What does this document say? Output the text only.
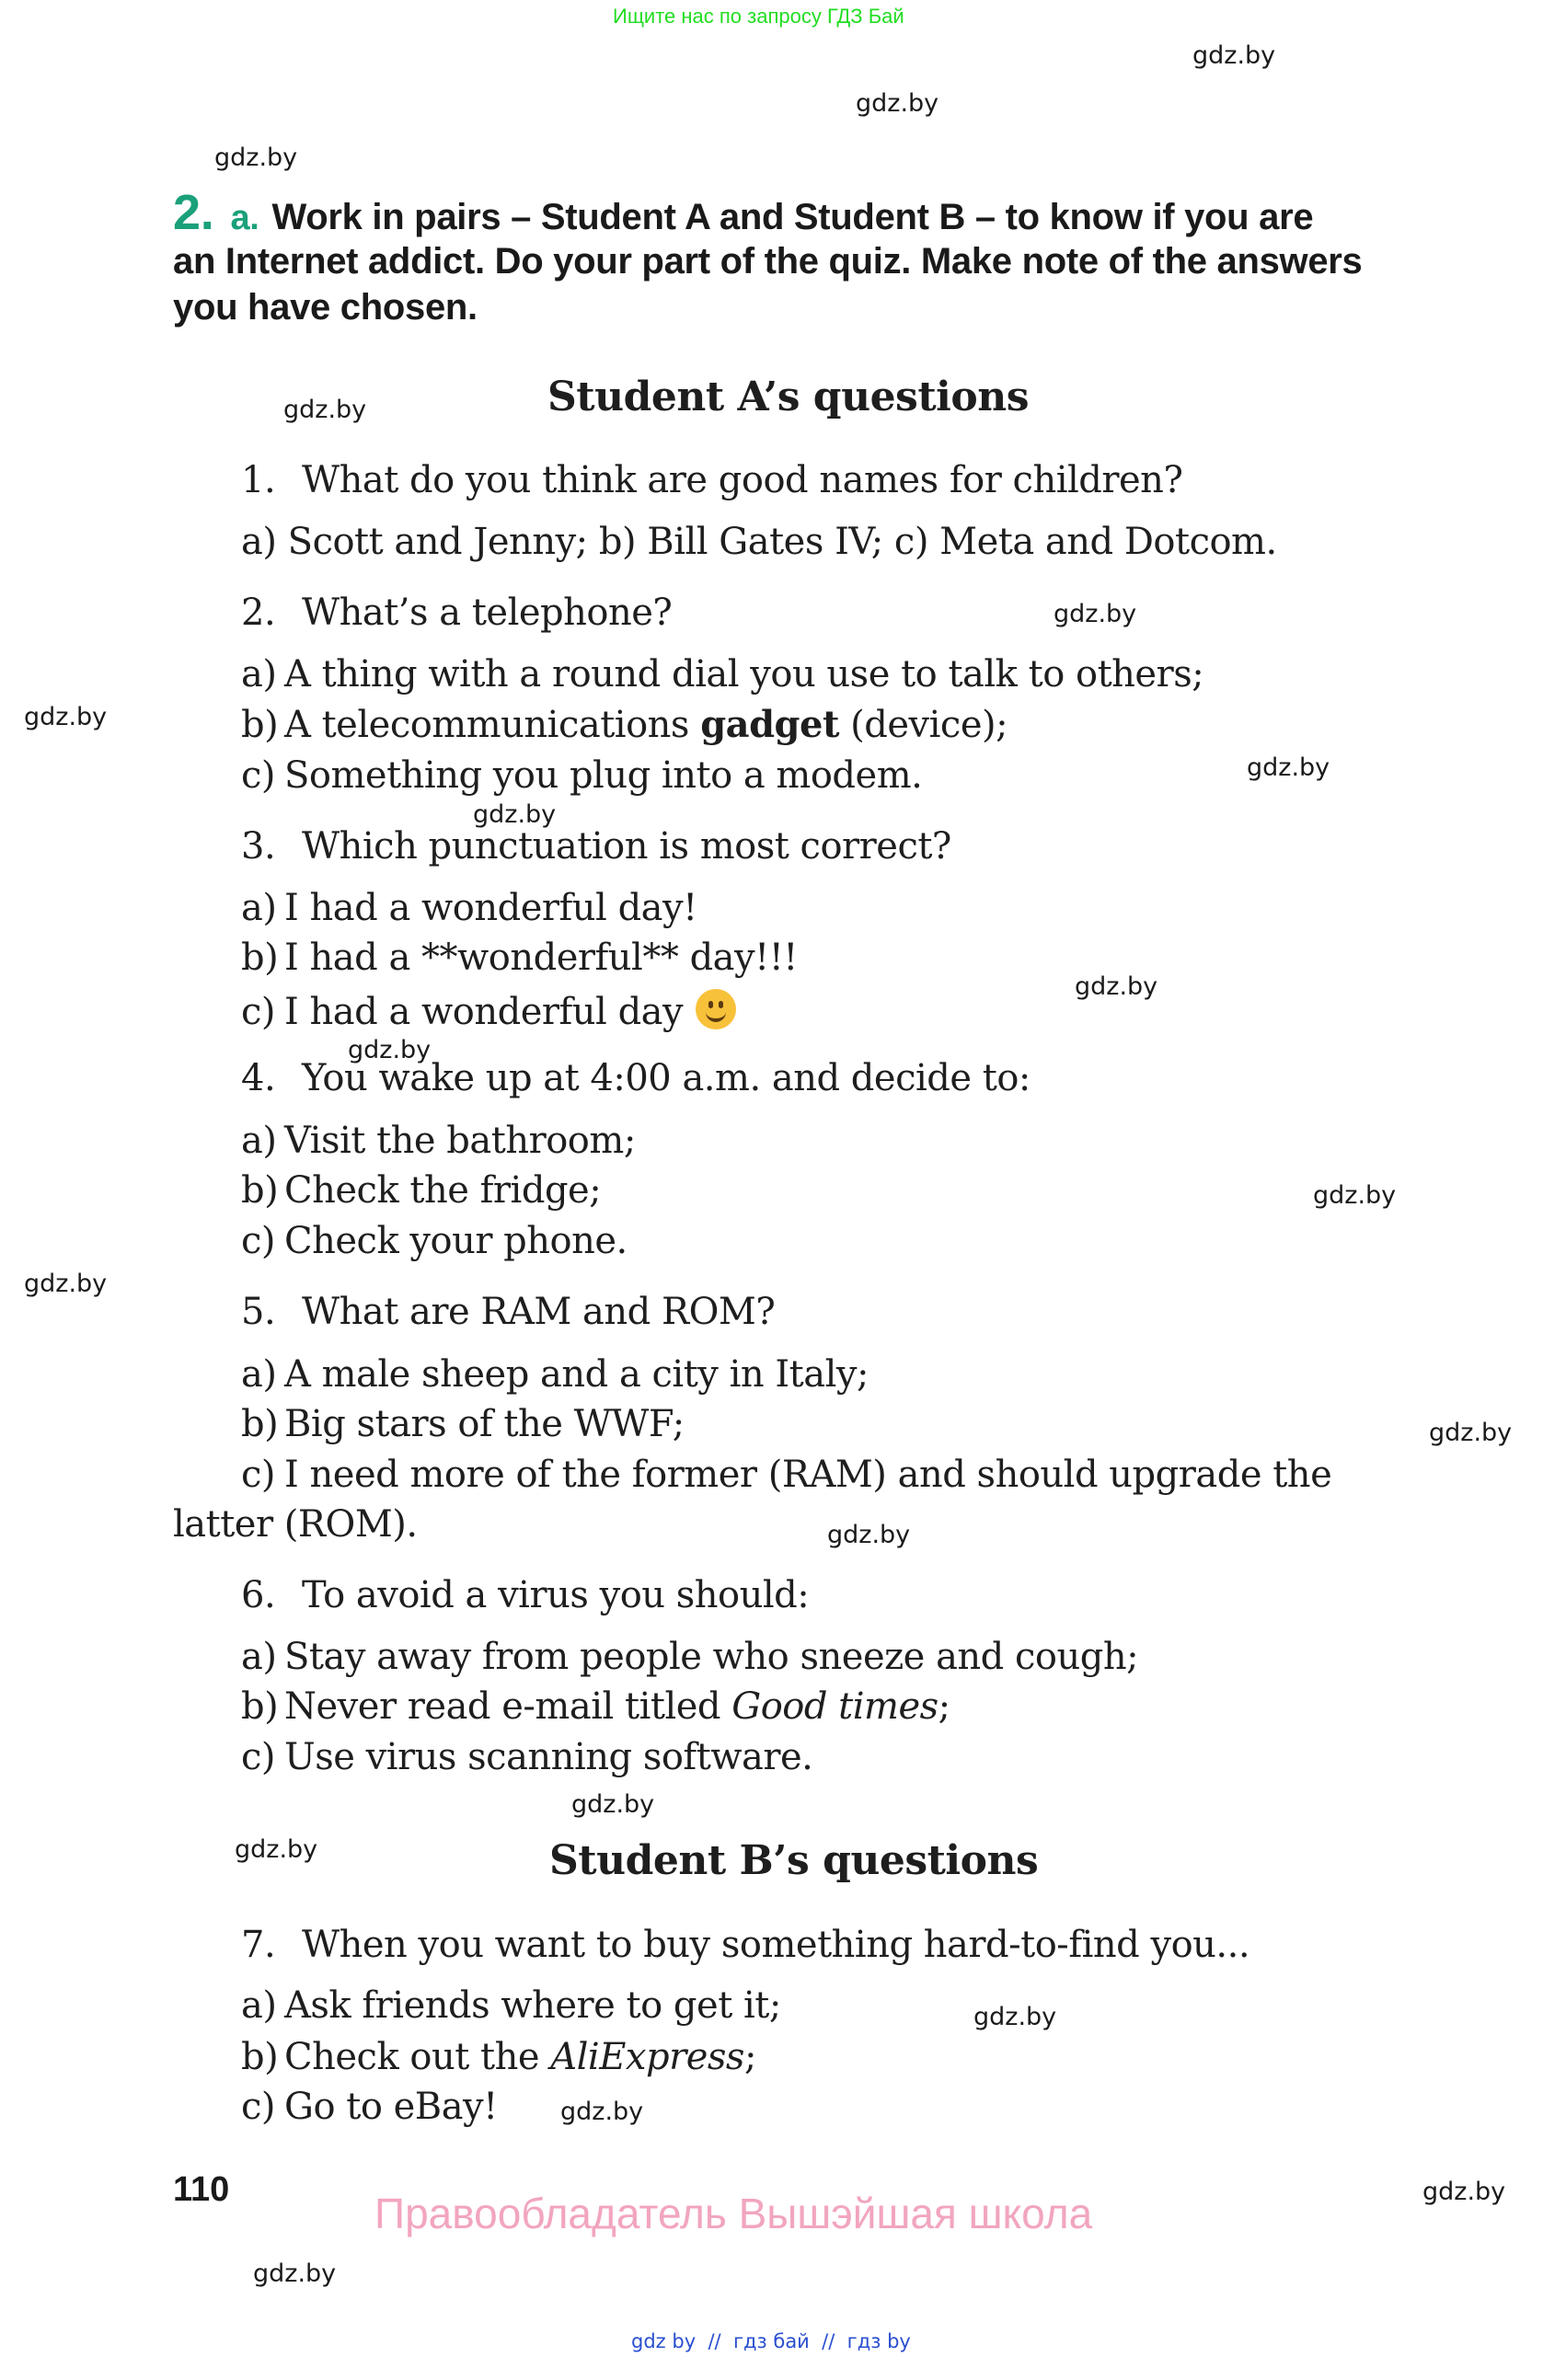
Ищите нас по запросу ГДЗ Бай
gdz.by
gdz.by
gdz.by
gdz.by
gdz.by
gdz.by
gdz.by
gdz.by
gdz.by
gdz.by
gdz.by
gdz.by
gdz.by
gdz.by
gdz.by
gdz.by
gdz.by
gdz.by
gdz.by
gdz.by
2. a. Work in pairs – Student A and Student B – to know if you are
an Internet addict. Do your part of the quiz. Make note of the answers
you have chosen.
Student A’s questions
1. What do you think are good names for children?
a) Scott and Jenny; b) Bill Gates IV; c) Meta and Dotcom.
2. What’s a telephone?
a) A thing with a round dial you use to talk to others;
b) A telecommunications gadget (device);
c) Something you plug into a modem.
3. Which punctuation is most correct?
a) I had a wonderful day!
b) I had a **wonderful** day!!!
c) I had a wonderful day
4. You wake up at 4:00 a.m. and decide to:
a) Visit the bathroom;
b) Check the fridge;
c) Check your phone.
5. What are RAM and ROM?
a) A male sheep and a city in Italy;
b) Big stars of the WWF;
c) I need more of the former (RAM) and should upgrade the
latter (ROM).
6. To avoid a virus you should:
a) Stay away from people who sneeze and cough;
b) Never read e-mail titled Good times;
c) Use virus scanning software.
Student B’s questions
7. When you want to buy something hard-to-find you...
a) Ask friends where to get it;
b) Check out the AliExpress;
c) Go to eBay!
110	Правообладатель Вышэйшая школа
gdz by  //  гдз бай  //  гдз by
